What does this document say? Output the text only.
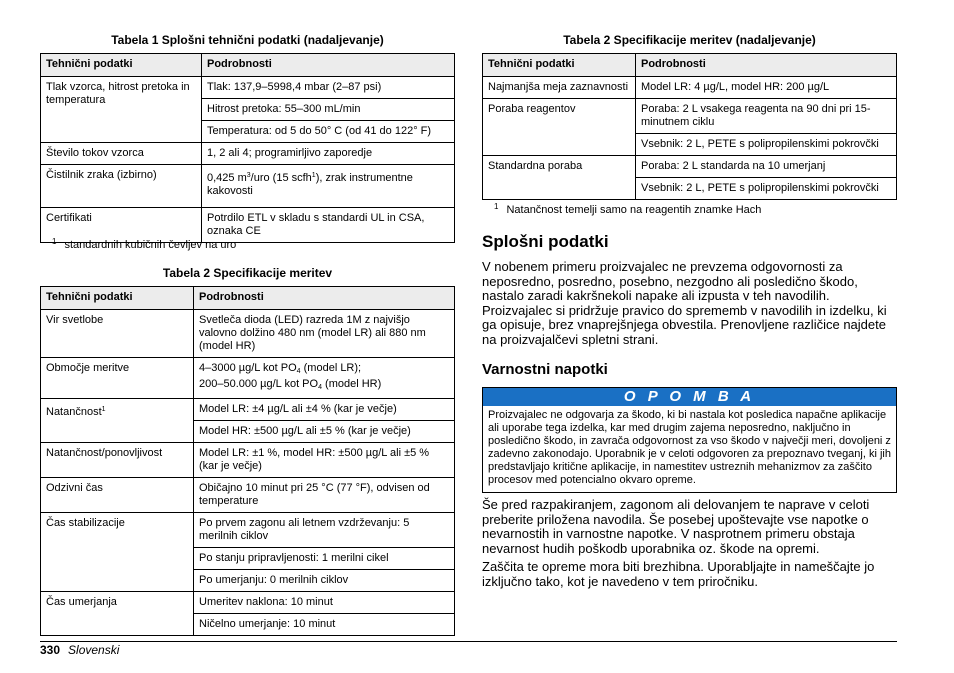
Tabela 1 Splošni tehnični podatki (nadaljevanje)
Tehnični podatki	Podrobnosti
Tlak vzorca, hitrost pretoka in temperatura	Tlak: 137,9–5998,4 mbar (2–87 psi)
Hitrost pretoka: 55–300 mL/min
Temperatura: od 5 do 50° C (od 41 do 122° F)

Število tokov vzorca	1, 2 ali 4; programirljivo zaporedje
Čistilnik zraka (izbirno)	0,425 $m^3$/uro (15 scfh$^1$), zrak instrumentne kakovosti
Certifikati	Potrdilo ETL v skladu s standardi UL in CSA, oznaka CE
$^1$ standardnih kubičnih čevljev na uro
Tabela 2 Specifikacije meritev
Tehnični podatki	Podrobnosti
Vir svetlobe	Svetleča dioda (LED) razreda 1M z najvišjo valovno dolžino 480 nm (model LR) ali 880 nm (model HR)
Območje meritve	4–3000 µg/L kot $PO_4$ (model LR);
200–50.000 µg/L kot $PO_4$ (model HR)
Natančnost$^1$	Model LR: ±4 µg/L ali ±4 % (kar je večje)
Model HR: ±500 µg/L ali ±5 % (kar je večje)

Natančnost/ponovljivost	Model LR: ±1 %, model HR: ±500 µg/L ali ±5 % (kar je večje)
Odzivni čas	Običajno 10 minut pri 25 °C (77 °F), odvisen od temperature
Čas stabilizacije	Po prvem zagonu ali letnem vzdrževanju: 5 merilnih ciklov
Po stanju pripravljenosti: 1 merilni cikel
Po umerjanju: 0 merilnih ciklov

Čas umerjanja	Umeritev naklona: 10 minut
Ničelno umerjanje: 10 minut
Tabela 2 Specifikacije meritev (nadaljevanje)
Tehnični podatki	Podrobnosti
Najmanjša meja zaznavnosti	Model LR: 4 µg/L, model HR: 200 µg/L
Poraba reagentov	Poraba: 2 L vsakega reagenta na 90 dni pri 15-minutnem ciklu
Vsebnik: 2 L, PETE s polipropilenskimi pokrovčki

Standardna poraba	Poraba: 2 L standarda na 10 umerjanj
Vsebnik: 2 L, PETE s polipropilenskimi pokrovčki
$^1$ Natančnost temelji samo na reagentih znamke Hach
Splošni podatki

V nobenem primeru proizvajalec ne prevzema odgovornosti za neposredno, posredno, posebno, nezgodno ali posledično škodo, nastalo zaradi kakršnekoli napake ali izpusta v teh navodilih. Proizvajalec si pridržuje pravico do sprememb v navodilih in izdelku, ki ga opisuje, brez vnaprejšnjega obvestila. Prenovljene različice najdete na proizvajalčevi spletni strani.

Varnostni napotki
O P O M B A
Proizvajalec ne odgovarja za škodo, ki bi nastala kot posledica napačne aplikacije ali uporabe tega izdelka, kar med drugim zajema neposredno, naključno in posledično škodo, in zavrača odgovornost za vso škodo v največji meri, dovoljeni z zadevno zakonodajo. Uporabnik je v celoti odgovoren za prepoznavo tveganj, ki jih predstavljajo kritične aplikacije, in namestitev ustreznih mehanizmov za zaščito procesov med potencialno okvaro opreme.

Še pred razpakiranjem, zagonom ali delovanjem te naprave v celoti preberite priložena navodila. Še posebej upoštevajte vse napotke o nevarnostih in varnostne napotke. V nasprotnem primeru obstaja nevarnost hudih poškodb uporabnika oz. škode na opremi.

Zaščita te opreme mora biti brezhibna. Uporabljajte in nameščajte jo izključno tako, kot je navedeno v tem priročniku.

330 Slovenski
